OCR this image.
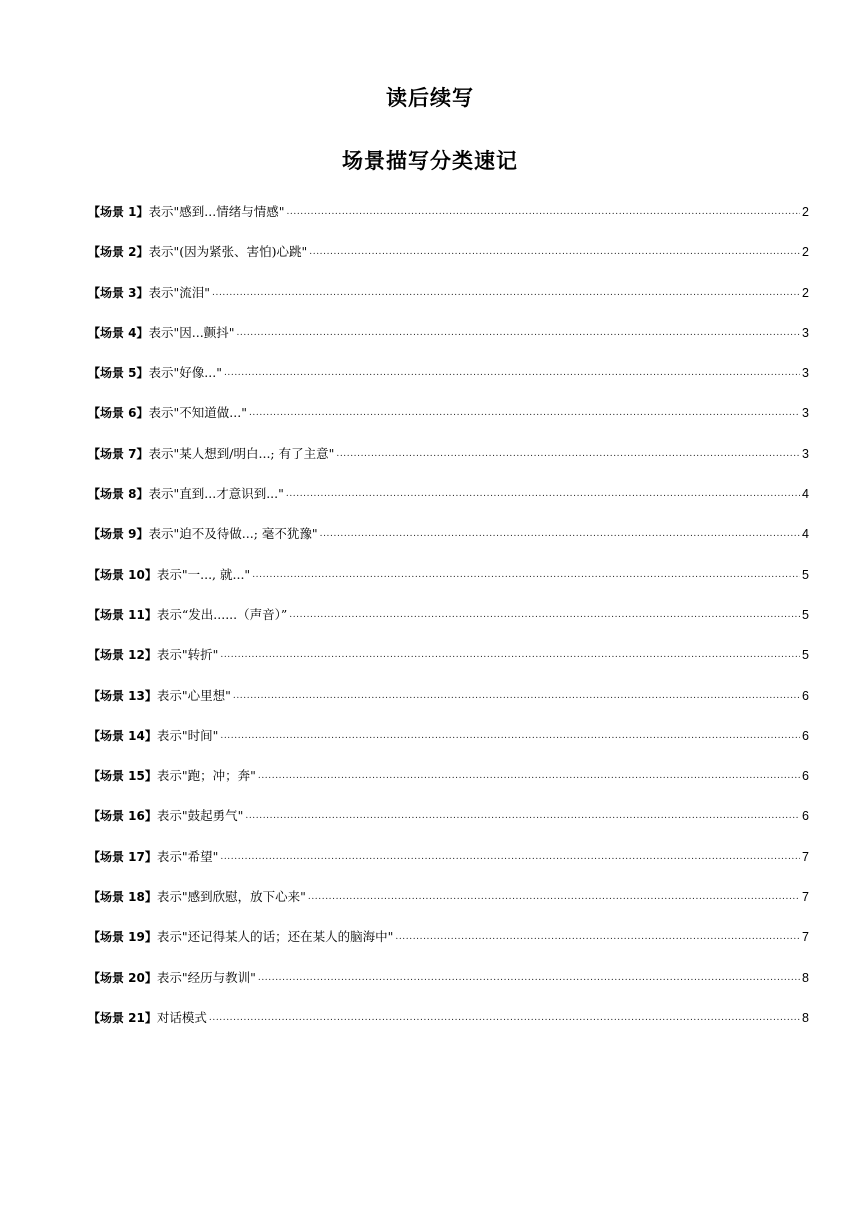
读后续写
场景描写分类速记
【场景 1】表示"感到...情绪与情感" .....	2
【场景 2】表示"(因为紧张、害怕)心跳" .....	2
【场景 3】表示"流泪" .....	2
【场景 4】表示"因...颤抖" .....	3
【场景 5】表示"好像..." .....	3
【场景 6】表示"不知道做..." .....	3
【场景 7】表示"某人想到/明白...; 有了主意" .....	3
【场景 8】表示"直到...才意识到..." .....	4
【场景 9】表示"迫不及待做...; 毫不犹豫" .....	4
【场景 10】表示"一..., 就..." .....	5
【场景 11】表示“发出......（声音）” .....	5
【场景 12】表示"转折" .....	5
【场景 13】表示"心里想" .....	6
【场景 14】表示"时间" .....	6
【场景 15】表示"跑；冲；奔" .....	6
【场景 16】表示"鼓起勇气" .....	6
【场景 17】表示"希望" .....	7
【场景 18】表示"感到欣慰，放下心来" .....	7
【场景 19】表示"还记得某人的话；还在某人的脑海中" .....	7
【场景 20】表示"经历与教训" .....	8
【场景 21】对话模式 .....	8
